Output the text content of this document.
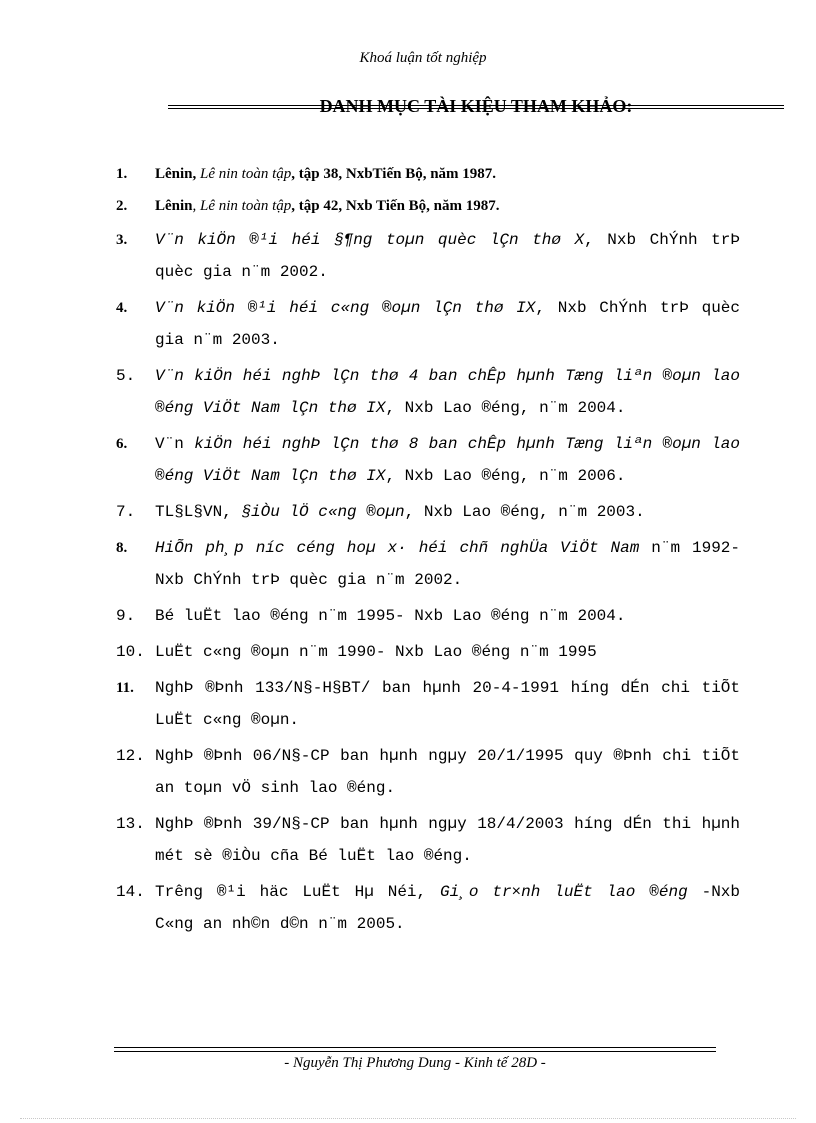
Khoá luận tốt nghiệp
DANH MỤC TÀI KIỆU THAM KHẢO:
1. Lênin, Lê nin toàn tập, tập 38, NxbTiến Bộ, năm 1987.
2. Lênin, Lê nin toàn tập, tập 42, Nxb Tiến Bộ, năm 1987.
3. V¨n kiÖn ®¹i héi §¶ng toµn quèc lÇn thø X, Nxb ChÝnh trÞ quèc gia n¨m 2002.
4. V¨n kiÖn ®¹i héi c«ng ®oµn lÇn thø IX, Nxb ChÝnh trÞ quèc gia n¨m 2003.
5. V¨n kiÖn héi nghÞ lÇn thø 4 ban chÊp hµnh Tæng liªn ®oµn lao ®éng ViÖt Nam lÇn thø IX, Nxb Lao ®éng, n¨m 2004.
6. V¨n kiÖn héi nghÞ lÇn thø 8 ban chÊp hµnh Tæng liªn ®oµn lao ®éng ViÖt Nam lÇn thø IX, Nxb Lao ®éng, n¨m 2006.
7. TL§L§VN, §iÒu lÖ c«ng ®oµn, Nxb Lao ®éng, n¨m 2003.
8. HiÕn ph¸p níc céng hoµ x· héi chñ nghÜa ViÖt Nam n¨m 1992- Nxb ChÝnh trÞ quèc gia n¨m 2002.
9. Bé luËt lao ®éng n¨m 1995- Nxb Lao ®éng n¨m 2004.
10. LuËt c«ng ®oµn n¨m 1990- Nxb Lao ®éng n¨m 1995
11. NghÞ ®Þnh 133/N§-H§BT/ ban hµnh 20-4-1991 híng dÉn chi tiÕt LuËt c«ng ®oµn.
12. NghÞ ®Þnh 06/N§-CP ban hµnh ngµy 20/1/1995 quy ®Þnh chi tiÕt an toµn vÖ sinh lao ®éng.
13. NghÞ ®Þnh 39/N§-CP ban hµnh ngµy 18/4/2003 híng dÉn thi hµnh mét sè ®iÒu cña Bé luËt lao ®éng.
14. Trêng ®¹i häc LuËt Hµ Néi, Gi¸o tr×nh luËt lao ®éng -Nxb C«ng an nh©n d©n n¨m 2005.
- Nguyễn Thị Phương Dung - Kinh tế 28D -
